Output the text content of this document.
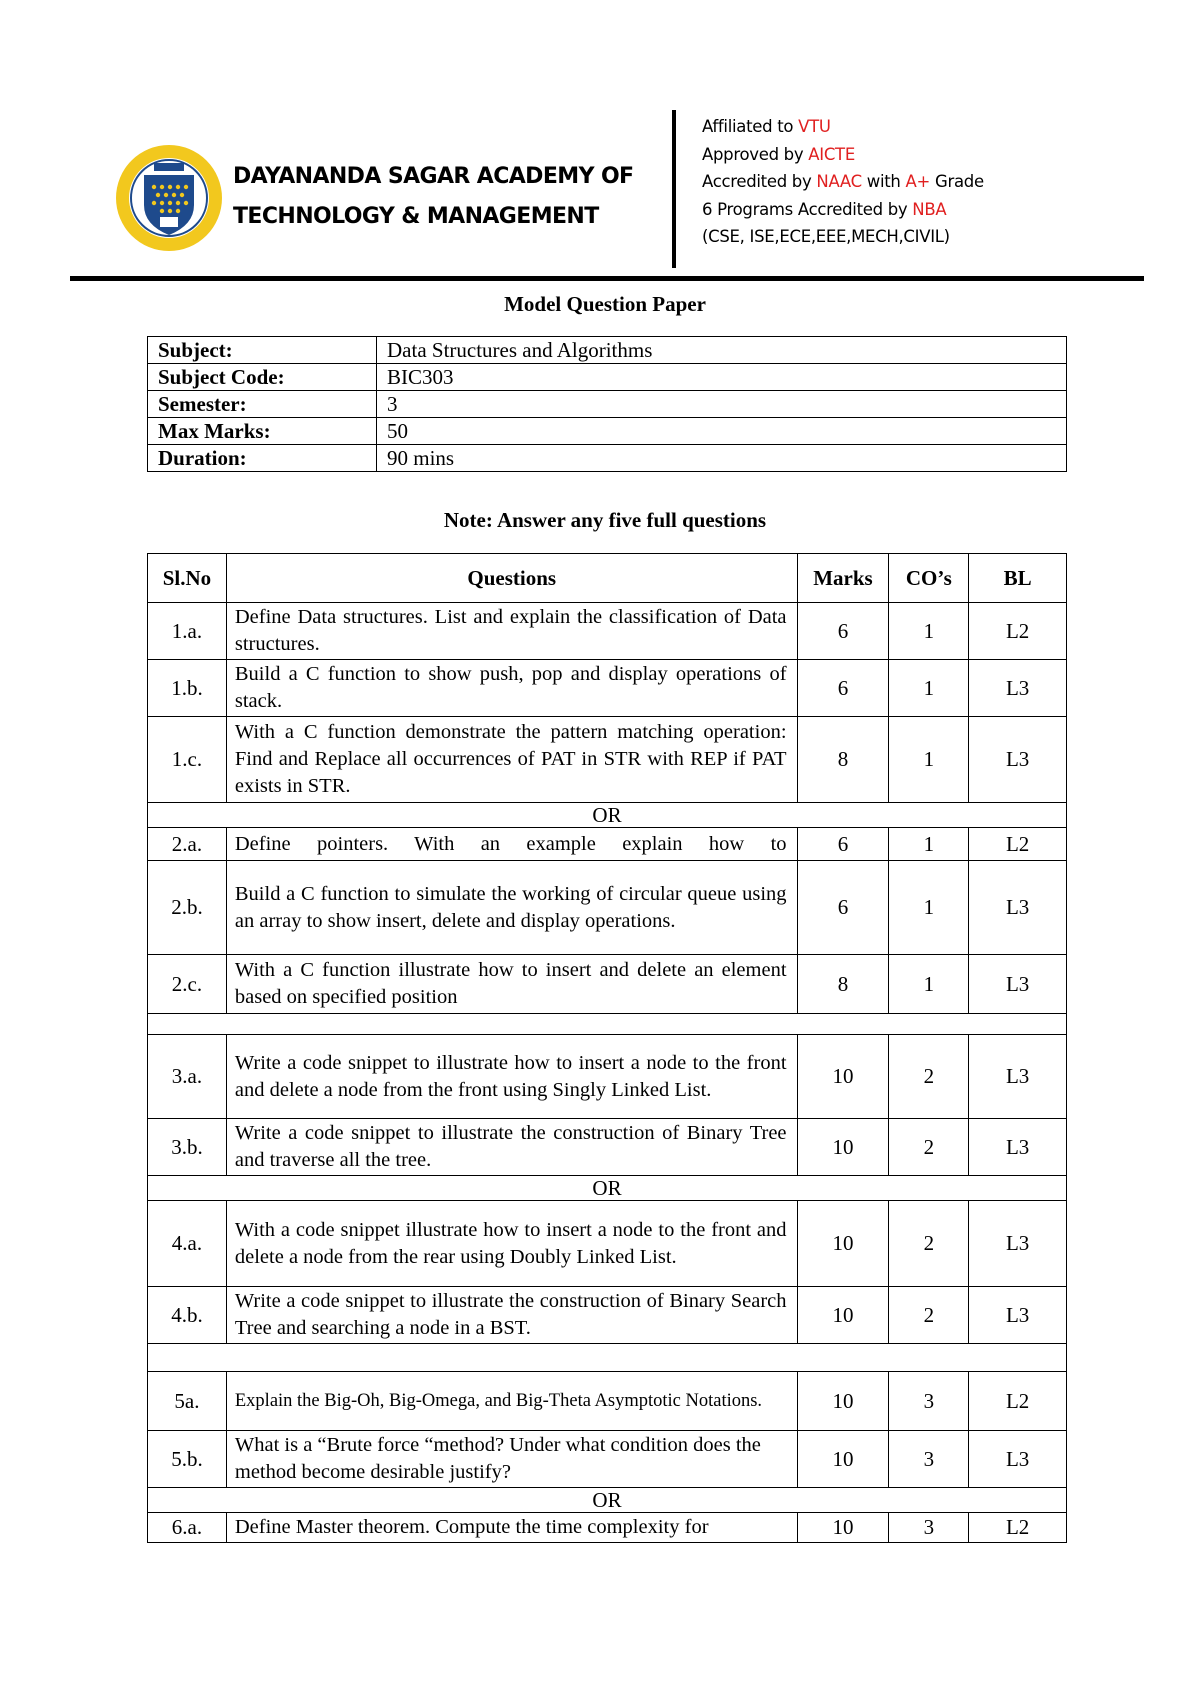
DAYANANDA SAGAR ACADEMY OF
TECHNOLOGY & MANAGEMENT
Affiliated to VTU
Approved by AICTE
Accredited by NAAC with A+ Grade
6 Programs Accredited by NBA
(CSE, ISE,ECE,EEE,MECH,CIVIL)
Model Question Paper
Subject:	Data Structures and Algorithms
Subject Code:	BIC303
Semester:	3
Max Marks:	50
Duration:	90 mins
Note: Answer any five full questions
Sl.No	Questions	Marks	CO’s	BL
1.a.	Define Data structures. List and explain the classification of Data structures.	6	1	L2
1.b.	Build a C function to show push, pop and display operations of stack.	6	1	L3
1.c.	With a C function demonstrate the pattern matching operation: Find and Replace all occurrences of PAT in STR with REP if PAT exists in STR.	8	1	L3
OR				
2.a.	Define pointers. With an example explain how to	6	1	L2
2.b.	Build a C function to simulate the working of circular queue using an array to show insert, delete and display operations.	6	1	L3
2.c.	With a C function illustrate how to insert and delete an element based on specified position	8	1	L3

3.a.	Write a code snippet to illustrate how to insert a node to the front and delete a node from the front using Singly Linked List.	10	2	L3
3.b.	Write a code snippet to illustrate the construction of Binary Tree and traverse all the tree.	10	2	L3
OR				
4.a.	With a code snippet illustrate how to insert a node to the front and delete a node from the rear using Doubly Linked List.	10	2	L3
4.b.	Write a code snippet to illustrate the construction of Binary Search Tree and searching a node in a BST.	10	2	L3

5a.	Explain the Big-Oh, Big-Omega, and Big-Theta Asymptotic Notations.	10	3	L2
5.b.	What is a “Brute force “method? Under what condition does the method become desirable justify?	10	3	L3
OR				
6.a.	Define Master theorem. Compute the time complexity for	10	3	L2
